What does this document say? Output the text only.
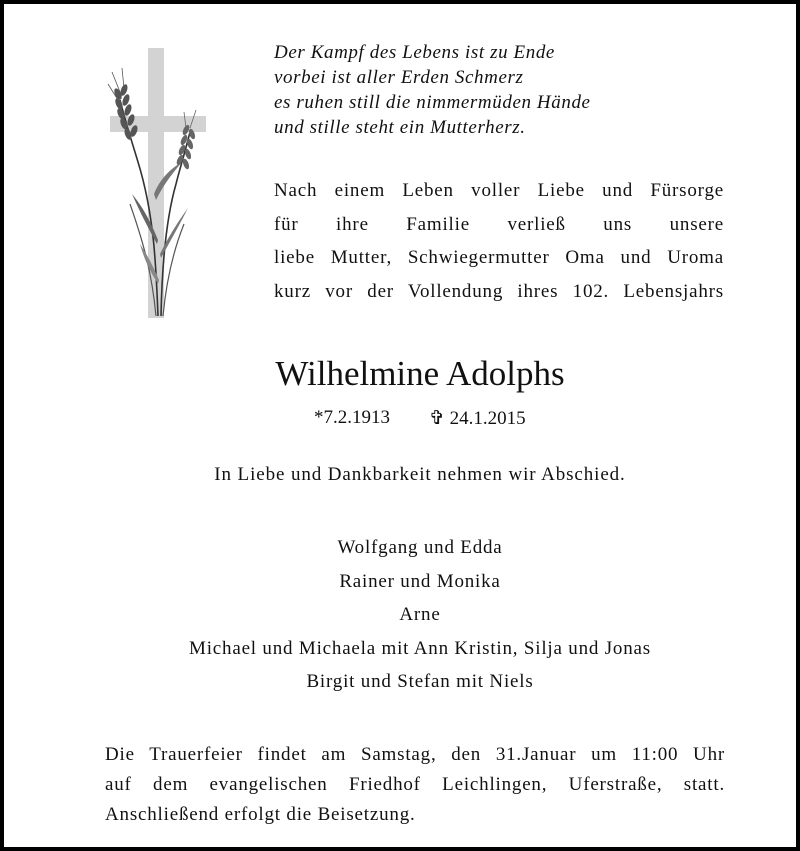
Der Kampf des Lebens ist zu Ende
vorbei ist aller Erden Schmerz
es ruhen still die nimmermüden Hände
und stille steht ein Mutterherz.
Nach einem Leben voller Liebe und Fürsorge
für ihre Familie verließ uns unsere
liebe Mutter, Schwiegermutter Oma und Uroma
kurz vor der Vollendung ihres 102. Lebensjahrs
Wilhelmine Adolphs
*7.2.1913 ✞ 24.1.2015
In Liebe und Dankbarkeit nehmen wir Abschied.
Wolfgang und Edda
Rainer und Monika
Arne
Michael und Michaela mit Ann Kristin, Silja und Jonas
Birgit und Stefan mit Niels
Die Trauerfeier findet am Samstag, den 31.Januar um 11:00 Uhr
auf dem evangelischen Friedhof Leichlingen, Uferstraße, statt.
Anschließend erfolgt die Beisetzung.
